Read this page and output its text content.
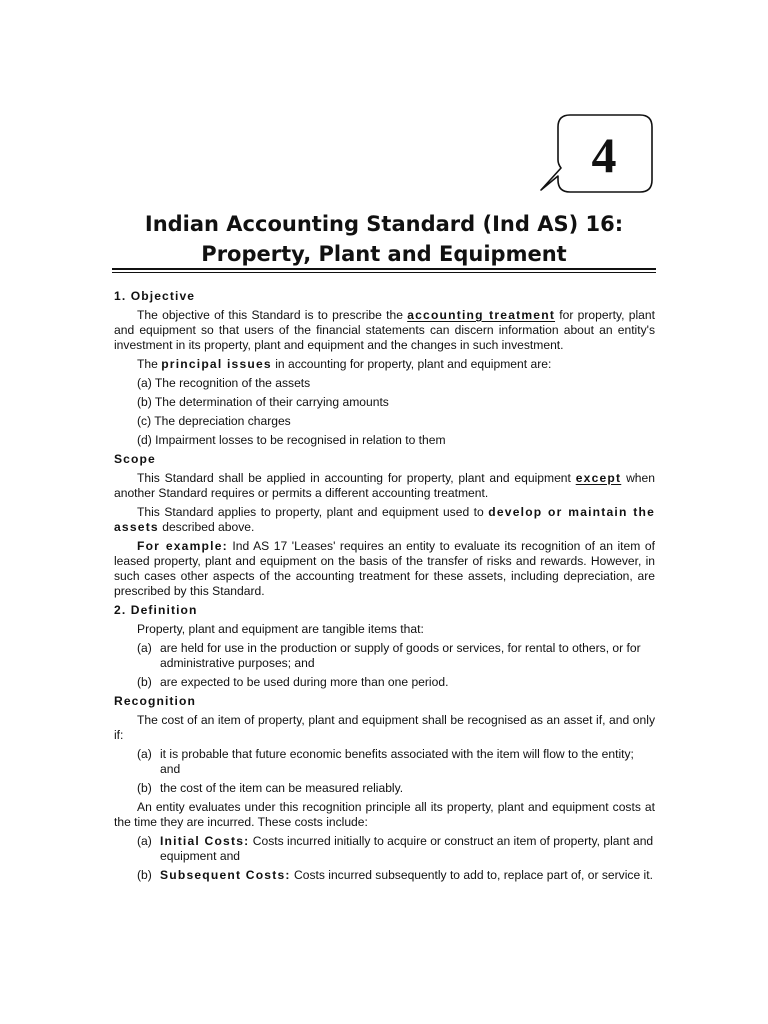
4
Indian Accounting Standard (Ind AS) 16:
Property, Plant and Equipment
1. Objective
The objective of this Standard is to prescribe the accounting treatment for property, plant and equipment so that users of the financial statements can discern information about an entity's investment in its property, plant and equipment and the changes in such investment.
The principal issues in accounting for property, plant and equipment are:
(a) The recognition of the assets
(b) The determination of their carrying amounts
(c) The depreciation charges
(d) Impairment losses to be recognised in relation to them
Scope
This Standard shall be applied in accounting for property, plant and equipment except when another Standard requires or permits a different accounting treatment.
This Standard applies to property, plant and equipment used to develop or maintain the assets described above.
For example: Ind AS 17 'Leases' requires an entity to evaluate its recognition of an item of leased property, plant and equipment on the basis of the transfer of risks and rewards. However, in such cases other aspects of the accounting treatment for these assets, including depreciation, are prescribed by this Standard.
2. Definition
Property, plant and equipment are tangible items that:
(a) are held for use in the production or supply of goods or services, for rental to others, or for administrative purposes; and
(b) are expected to be used during more than one period.
Recognition
The cost of an item of property, plant and equipment shall be recognised as an asset if, and only if:
(a) it is probable that future economic benefits associated with the item will flow to the entity; and
(b) the cost of the item can be measured reliably.
An entity evaluates under this recognition principle all its property, plant and equipment costs at the time they are incurred. These costs include:
(a) Initial Costs: Costs incurred initially to acquire or construct an item of property, plant and equipment and
(b) Subsequent Costs: Costs incurred subsequently to add to, replace part of, or service it.
